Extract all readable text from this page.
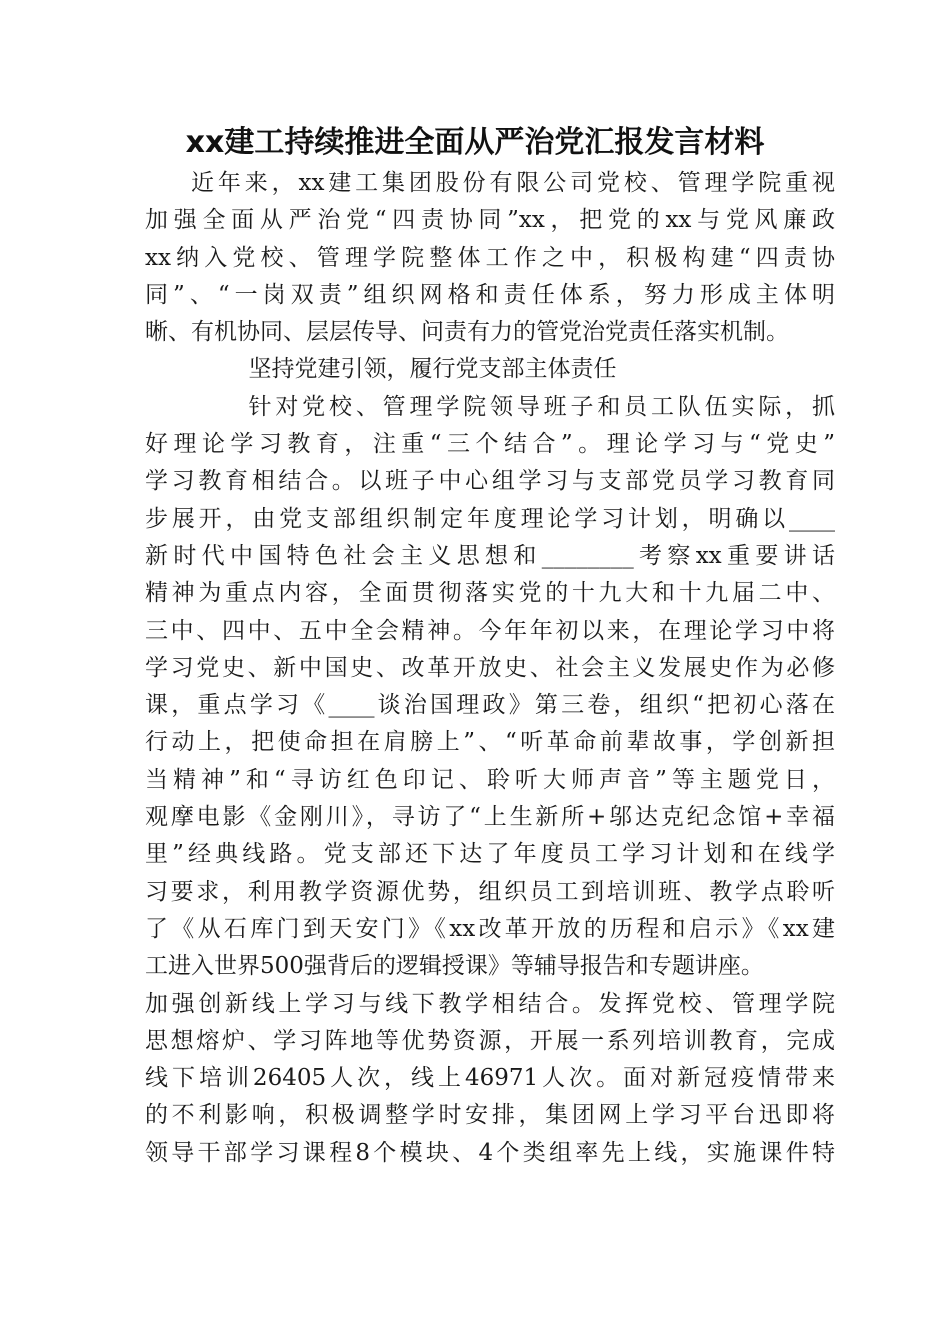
xx建工持续推进全面从严治党汇报发言材料
近年来，xx建工集团股份有限公司党校、管理学院重视
加强全面从严治党“四责协同”xx，把党的xx与党风廉政
xx纳入党校、管理学院整体工作之中，积极构建“四责协
同”、“一岗双责”组织网格和责任体系，努力形成主体明
晰、有机协同、层层传导、问责有力的管党治党责任落实机制。
坚持党建引领，履行党支部主体责任
针对党校、管理学院领导班子和员工队伍实际，抓
好理论学习教育，注重“三个结合”。理论学习与“党史”
学习教育相结合。以班子中心组学习与支部党员学习教育同
步展开，由党支部组织制定年度理论学习计划，明确以____
新时代中国特色社会主义思想和________考察xx重要讲话
精神为重点内容，全面贯彻落实党的十九大和十九届二中、
三中、四中、五中全会精神。今年年初以来，在理论学习中将
学习党史、新中国史、改革开放史、社会主义发展史作为必修
课，重点学习《____谈治国理政》第三卷，组织“把初心落在
行动上，把使命担在肩膀上”、“听革命前辈故事，学创新担
当精神”和“寻访红色印记、聆听大师声音”等主题党日，
观摩电影《金刚川》，寻访了“上生新所+邬达克纪念馆+幸福
里”经典线路。党支部还下达了年度员工学习计划和在线学
习要求，利用教学资源优势，组织员工到培训班、教学点聆听
了《从石库门到天安门》《xx改革开放的历程和启示》《xx建
工进入世界500强背后的逻辑授课》等辅导报告和专题讲座。
加强创新线上学习与线下教学相结合。发挥党校、管理学院
思想熔炉、学习阵地等优势资源，开展一系列培训教育，完成
线下培训26405人次，线上46971人次。面对新冠疫情带来
的不利影响，积极调整学时安排，集团网上学习平台迅即将
领导干部学习课程8个模块、4个类组率先上线，实施课件特
